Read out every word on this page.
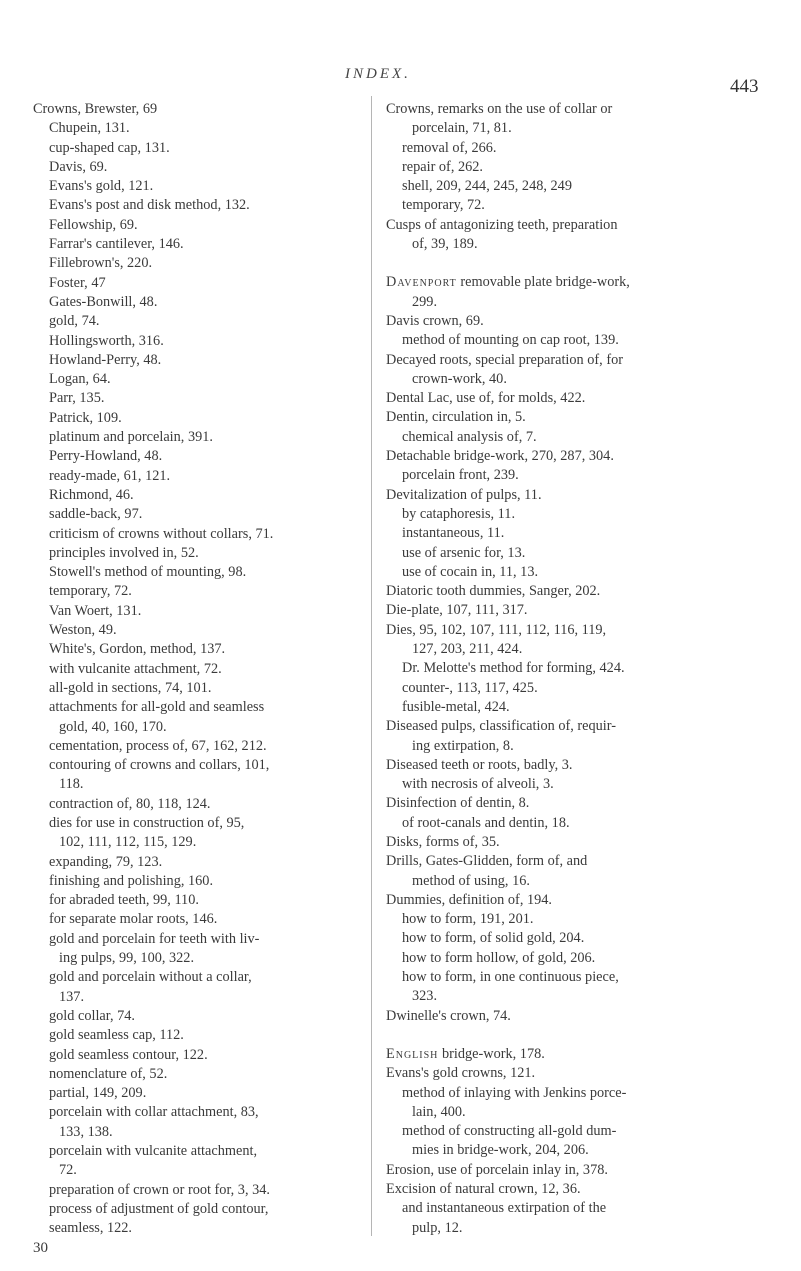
INDEX.
443
Crowns, Brewster, 69
Chupein, 131.
cup-shaped cap, 131.
Davis, 69.
Evans's gold, 121.
Evans's post and disk method, 132.
Fellowship, 69.
Farrar's cantilever, 146.
Fillebrown's, 220.
Foster, 47
Gates-Bonwill, 48.
gold, 74.
Hollingsworth, 316.
Howland-Perry, 48.
Logan, 64.
Parr, 135.
Patrick, 109.
platinum and porcelain, 391.
Perry-Howland, 48.
ready-made, 61, 121.
Richmond, 46.
saddle-back, 97.
criticism of crowns without collars, 71.
principles involved in, 52.
Stowell's method of mounting, 98.
temporary, 72.
Van Woert, 131.
Weston, 49.
White's, Gordon, method, 137.
with vulcanite attachment, 72.
all-gold in sections, 74, 101.
attachments for all-gold and seamless
gold, 40, 160, 170.
cementation, process of, 67, 162, 212.
contouring of crowns and collars, 101,
118.
contraction of, 80, 118, 124.
dies for use in construction of, 95,
102, 111, 112, 115, 129.
expanding, 79, 123.
finishing and polishing, 160.
for abraded teeth, 99, 110.
for separate molar roots, 146.
gold and porcelain for teeth with liv-
ing pulps, 99, 100, 322.
gold and porcelain without a collar,
137.
gold collar, 74.
gold seamless cap, 112.
gold seamless contour, 122.
nomenclature of, 52.
partial, 149, 209.
porcelain with collar attachment, 83,
133, 138.
porcelain with vulcanite attachment,
72.
preparation of crown or root for, 3, 34.
process of adjustment of gold contour,
seamless, 122.
30
Crowns, remarks on the use of collar or
porcelain, 71, 81.
removal of, 266.
repair of, 262.
shell, 209, 244, 245, 248, 249
temporary, 72.
Cusps of antagonizing teeth, preparation
of, 39, 189.
Davenport removable plate bridge-work,
299.
Davis crown, 69.
method of mounting on cap root, 139.
Decayed roots, special preparation of, for
crown-work, 40.
Dental Lac, use of, for molds, 422.
Dentin, circulation in, 5.
chemical analysis of, 7.
Detachable bridge-work, 270, 287, 304.
porcelain front, 239.
Devitalization of pulps, 11.
by cataphoresis, 11.
instantaneous, 11.
use of arsenic for, 13.
use of cocain in, 11, 13.
Diatoric tooth dummies, Sanger, 202.
Die-plate, 107, 111, 317.
Dies, 95, 102, 107, 111, 112, 116, 119,
127, 203, 211, 424.
Dr. Melotte's method for forming, 424.
counter-, 113, 117, 425.
fusible-metal, 424.
Diseased pulps, classification of, requir-
ing extirpation, 8.
Diseased teeth or roots, badly, 3.
with necrosis of alveoli, 3.
Disinfection of dentin, 8.
of root-canals and dentin, 18.
Disks, forms of, 35.
Drills, Gates-Glidden, form of, and
method of using, 16.
Dummies, definition of, 194.
how to form, 191, 201.
how to form, of solid gold, 204.
how to form hollow, of gold, 206.
how to form, in one continuous piece,
323.
Dwinelle's crown, 74.
English bridge-work, 178.
Evans's gold crowns, 121.
method of inlaying with Jenkins porce-
lain, 400.
method of constructing all-gold dum-
mies in bridge-work, 204, 206.
Erosion, use of porcelain inlay in, 378.
Excision of natural crown, 12, 36.
and instantaneous extirpation of the
pulp, 12.
